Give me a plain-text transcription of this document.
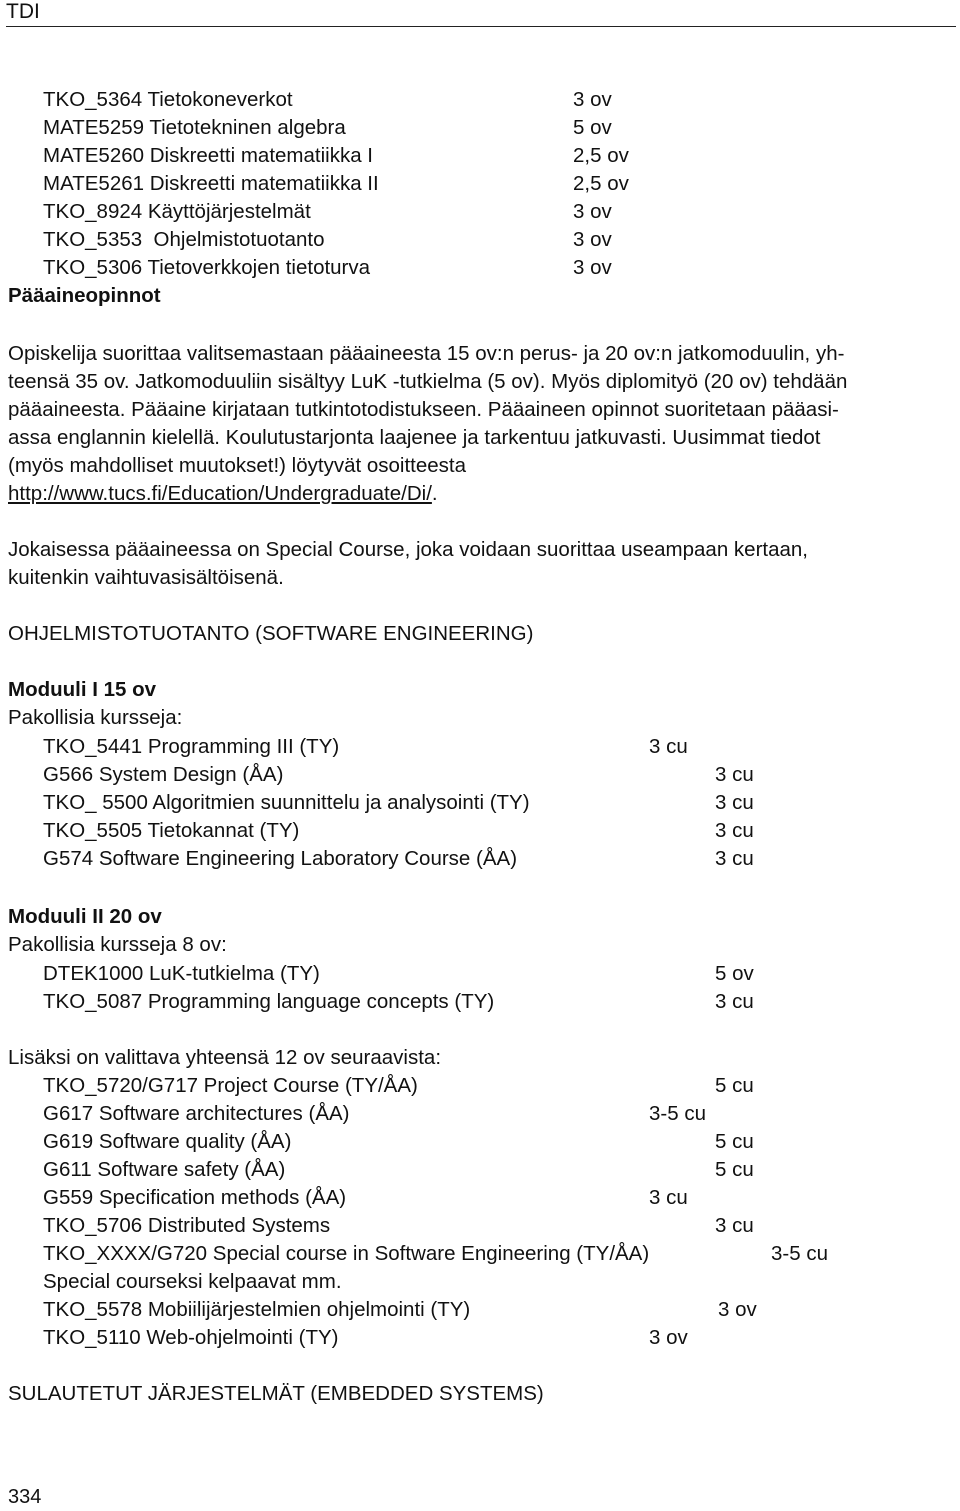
TDI
TKO_5364 Tietokoneverkot	3 ov
MATE5259 Tietotekninen algebra	5 ov
MATE5260 Diskreetti matematiikka I	2,5 ov
MATE5261 Diskreetti matematiikka II	2,5 ov
TKO_8924 Käyttöjärjestelmät	3 ov
TKO_5353  Ohjelmistotuotanto	3 ov
TKO_5306 Tietoverkkojen tietoturva	3 ov
Pääaineopinnot
Opiskelija suorittaa valitsemastaan pääaineesta 15 ov:n perus- ja 20 ov:n jatkomoduulin, yh-
teensä 35 ov. Jatkomoduuliin sisältyy LuK -tutkielma (5 ov). Myös diplomityö (20 ov) tehdään
pääaineesta. Pääaine kirjataan tutkintotodistukseen. Pääaineen opinnot suoritetaan pääasi-
assa englannin kielellä. Koulutustarjonta laajenee ja tarkentuu jatkuvasti. Uusimmat tiedot
(myös mahdolliset muutokset!) löytyvät osoitteesta
http://www.tucs.fi/Education/Undergraduate/Di/.
Jokaisessa pääaineessa on Special Course, joka voidaan suorittaa useampaan kertaan,
kuitenkin vaihtuvasisältöisenä.
OHJELMISTOTUOTANTO (SOFTWARE ENGINEERING)
Moduuli I 15 ov
Pakollisia kursseja:
TKO_5441 Programming III (TY)	3 cu
G566 System Design (ÅA)	3 cu
TKO_ 5500 Algoritmien suunnittelu ja analysointi (TY)	3 cu
TKO_5505 Tietokannat (TY)	3 cu
G574 Software Engineering Laboratory Course (ÅA)	3 cu
Moduuli II 20 ov
Pakollisia kursseja 8 ov:
DTEK1000 LuK-tutkielma (TY)	5 ov
TKO_5087 Programming language concepts (TY)	3 cu
Lisäksi on valittava yhteensä 12 ov seuraavista:
TKO_5720/G717 Project Course (TY/ÅA)	5 cu
G617 Software architectures (ÅA)	3-5 cu
G619 Software quality (ÅA)	5 cu
G611 Software safety (ÅA)	5 cu
G559 Specification methods (ÅA)	3 cu
TKO_5706 Distributed Systems	3 cu
TKO_XXXX/G720 Special course in Software Engineering (TY/ÅA)	3-5 cu
Special courseksi kelpaavat mm.
TKO_5578 Mobiilijärjestelmien ohjelmointi (TY)	3 ov
TKO_5110 Web-ohjelmointi (TY)	3 ov
SULAUTETUT JÄRJESTELMÄT (EMBEDDED SYSTEMS)
334
